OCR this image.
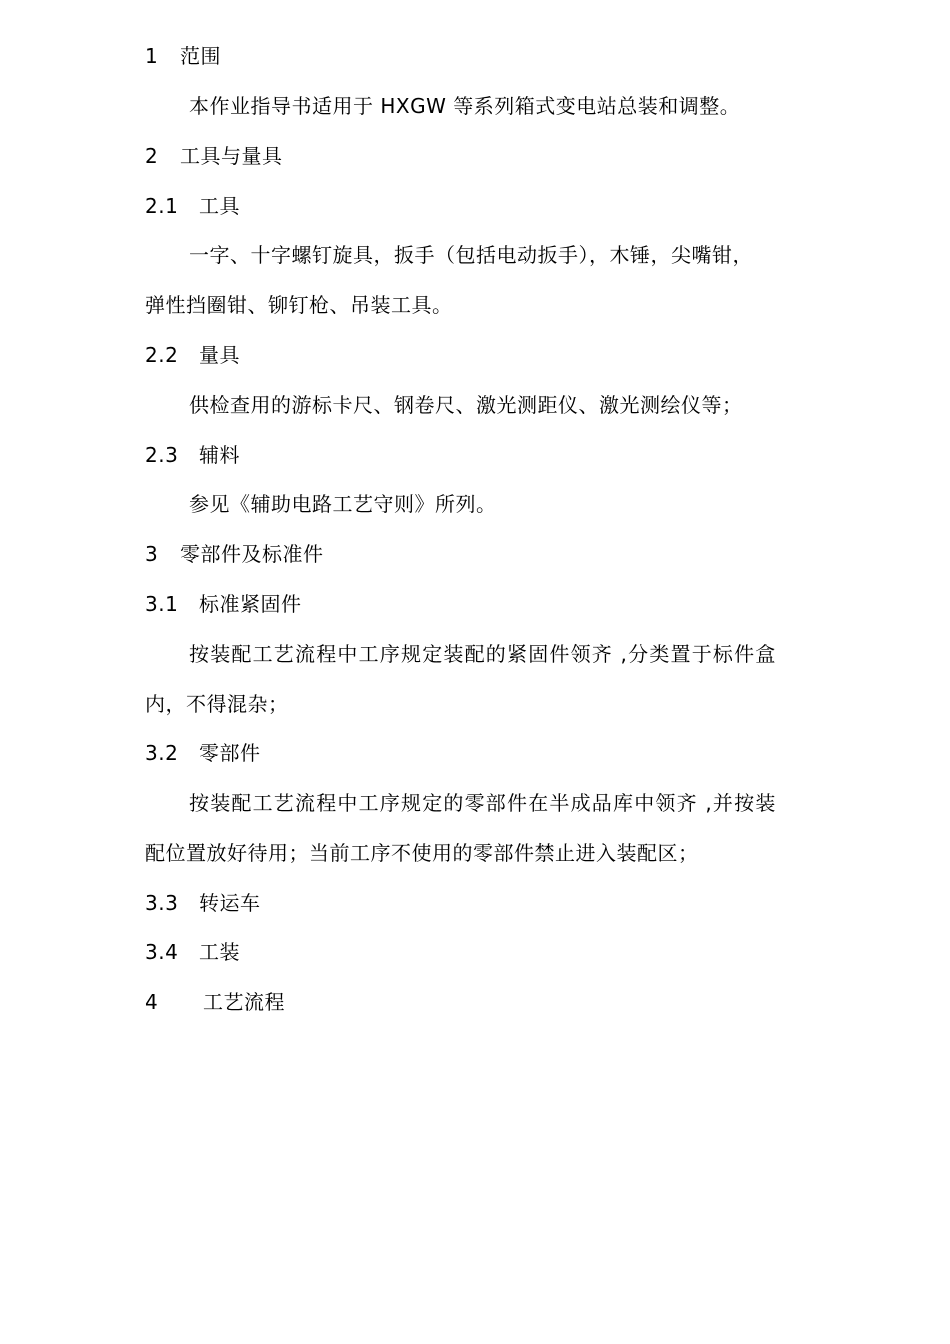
1 范围
本作业指导书适用于 HXGW 等系列箱式变电站总装和调整。
2 工具与量具
2.1 工具
一字、十字螺钉旋具，扳手（包括电动扳手），木锤，尖嘴钳，
弹性挡圈钳、铆钉枪、吊装工具。
2.2 量具
供检查用的游标卡尺、钢卷尺、激光测距仪、激光测绘仪等；
2.3 辅料
参见《辅助电路工艺守则》所列。
3 零部件及标准件
3.1 标准紧固件
按装配工艺流程中工序规定装配的紧固件领齐 ,分类置于标件盒
内，不得混杂；
3.2 零部件
按装配工艺流程中工序规定的零部件在半成品库中领齐 ,并按装
配位置放好待用；当前工序不使用的零部件禁止进入装配区；
3.3 转运车
3.4 工装
4 工艺流程
